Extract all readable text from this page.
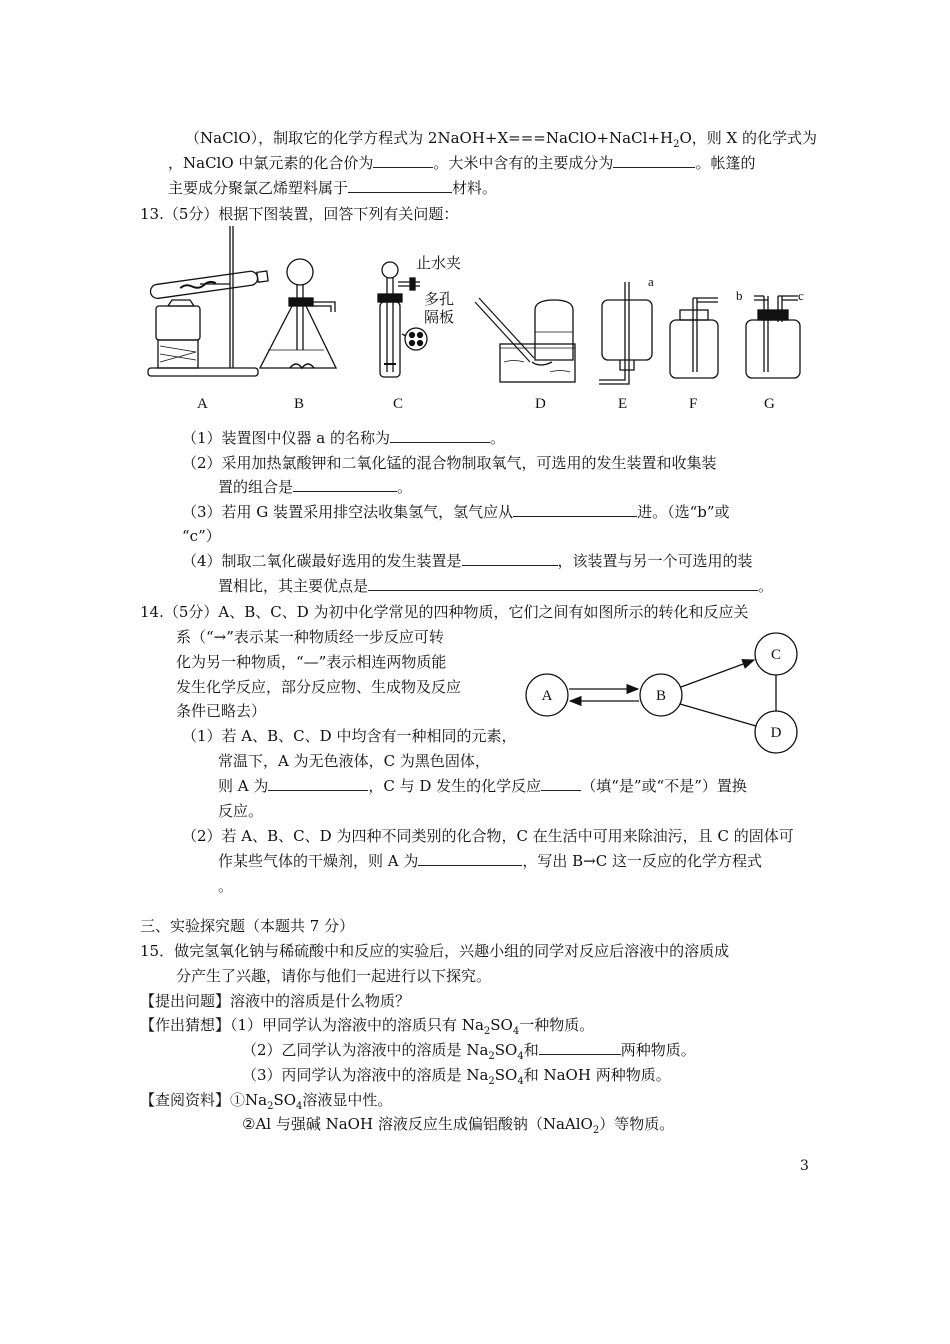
（NaClO），制取它的化学方程式为 $2NaOH+X===NaClO+NaCl+H_2O$，则 X 的化学式为
，NaClO 中氯元素的化合价为	。大米中含有的主要成分为	。帐篷的
主要成分聚氯乙烯塑料属于	材料。
13.（5分）根据下图装置，回答下列有关问题：
A	B	C	D	E	F	G
止水夹
多孔
隔板
a
b	c
（1）装置图中仪器 a 的名称为	。
（2）采用加热氯酸钾和二氧化锰的混合物制取氧气，可选用的发生装置和收集装
置的组合是	。
（3）若用 G 装置采用排空法收集氢气，氢气应从	进。（选“b”或
“c”）
（4）制取二氧化碳最好选用的发生装置是	，该装置与另一个可选用的装
置相比，其主要优点是	。
14.（5分）A、B、C、D 为初中化学常见的四种物质，它们之间有如图所示的转化和反应关
系（“→”表示某一种物质经一步反应可转
化为另一种物质，“—”表示相连两物质能
发生化学反应，部分反应物、生成物及反应
条件已略去）
（1）若 A、B、C、D 中均含有一种相同的元素，
常温下，A 为无色液体，C 为黑色固体，
则 A 为	，C 与 D 发生的化学反应	（填“是”或“不是”）置换
反应。
（2）若 A、B、C、D 为四种不同类别的化合物，C 在生活中可用来除油污，且 C 的固体可
作某些气体的干燥剂，则 A 为	，写出 B→C 这一反应的化学方程式
。
A	B
C
D
三、实验探究题（本题共 7 分）
15．做完氢氧化钠与稀硫酸中和反应的实验后，兴趣小组的同学对反应后溶液中的溶质成
分产生了兴趣，请你与他们一起进行以下探究。
【提出问题】溶液中的溶质是什么物质？
【作出猜想】（1）甲同学认为溶液中的溶质只有 $Na_2SO_4$一种物质。
（2）乙同学认为溶液中的溶质是 $Na_2SO_4$和	两种物质。
（3）丙同学认为溶液中的溶质是 $Na_2SO_4$和 NaOH 两种物质。
【查阅资料】$①Na_2SO_4$溶液显中性。
②Al 与强碱 NaOH 溶液反应生成偏铝酸钠（NaAlO$_2$）等物质。
3
